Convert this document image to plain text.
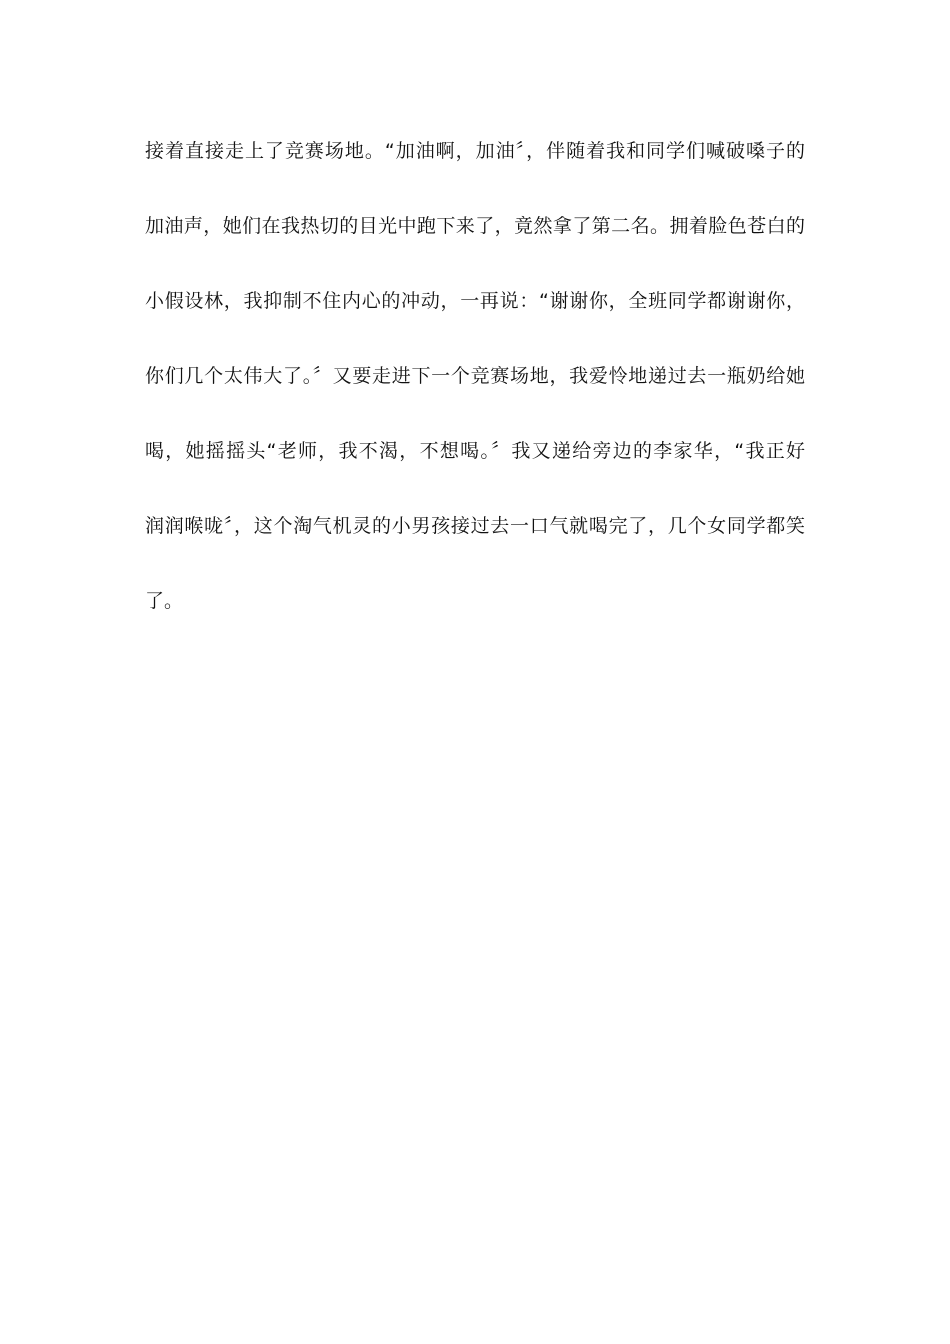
接着直接走上了竞赛场地。“加油啊，加油〞，伴随着我和同学们喊破嗓子的
加油声，她们在我热切的目光中跑下来了，竟然拿了第二名。拥着脸色苍白的
小假设林，我抑制不住内心的冲动，一再说：“谢谢你，全班同学都谢谢你，
你们几个太伟大了。〞又要走进下一个竞赛场地，我爱怜地递过去一瓶奶给她
喝，她摇摇头“老师，我不渴，不想喝。〞我又递给旁边的李家华，“我正好
润润喉咙〞，这个淘气机灵的小男孩接过去一口气就喝完了，几个女同学都笑
了。
